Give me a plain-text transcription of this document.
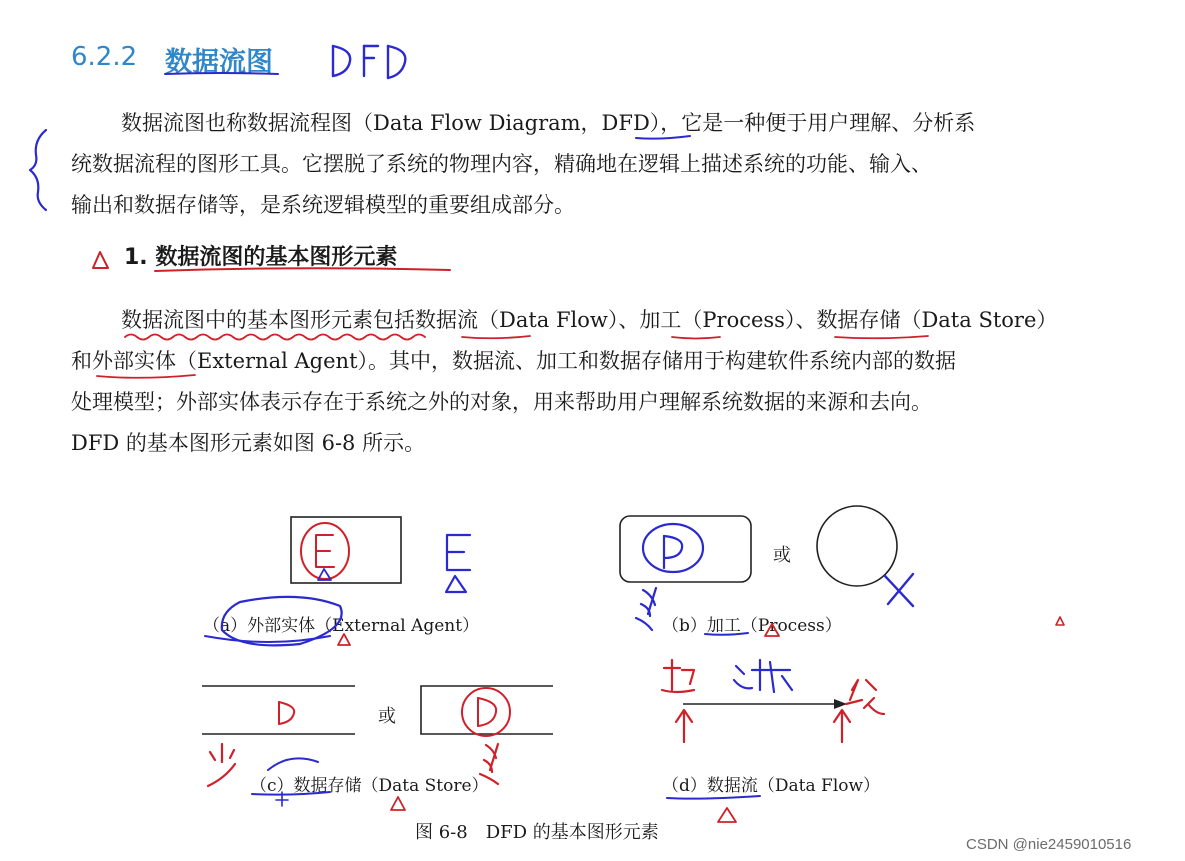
6.2.2 数据流图
数据流图也称数据流程图（Data Flow Diagram，DFD），它是一种便于用户理解、分析系
统数据流程的图形工具。它摆脱了系统的物理内容，精确地在逻辑上描述系统的功能、输入、
输出和数据存储等，是系统逻辑模型的重要组成部分。
1. 数据流图的基本图形元素
数据流图中的基本图形元素包括数据流（Data Flow）、加工（Process）、数据存储（Data Store）
和外部实体（External Agent）。其中，数据流、加工和数据存储用于构建软件系统内部的数据
处理模型；外部实体表示存在于系统之外的对象，用来帮助用户理解系统数据的来源和去向。
DFD 的基本图形元素如图 6-8 所示。
或
或
（a）外部实体（External Agent）	（b）加工（Process）
（c）数据存储（Data Store）	（d）数据流（Data Flow）
图 6-8　DFD 的基本图形元素
CSDN @nie2459010516
